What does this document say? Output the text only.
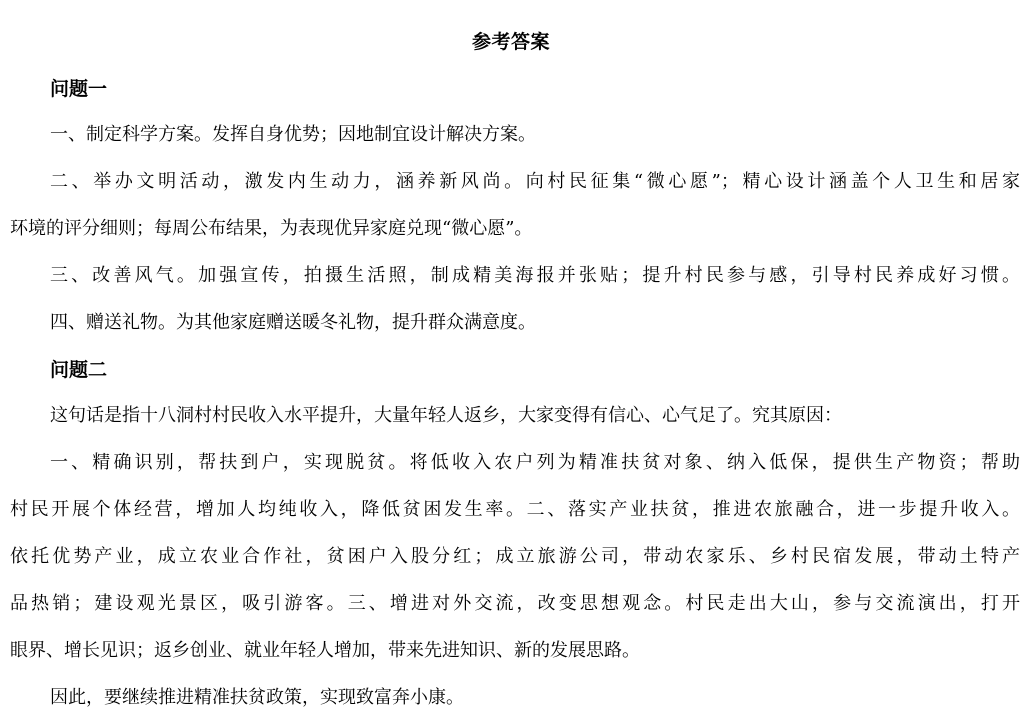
参考答案
问题一
一、制定科学方案。发挥自身优势；因地制宜设计解决方案。
二、举办文明活动，激发内生动力，涵养新风尚。向村民征集“微心愿”；精心设计涵盖个人卫生和居家
环境的评分细则；每周公布结果，为表现优异家庭兑现“微心愿”。
三、改善风气。加强宣传，拍摄生活照，制成精美海报并张贴；提升村民参与感，引导村民养成好习惯。
四、赠送礼物。为其他家庭赠送暖冬礼物，提升群众满意度。
问题二
这句话是指十八洞村村民收入水平提升，大量年轻人返乡，大家变得有信心、心气足了。究其原因：
一、精确识别，帮扶到户，实现脱贫。将低收入农户列为精准扶贫对象、纳入低保，提供生产物资；帮助
村民开展个体经营，增加人均纯收入，降低贫困发生率。二、落实产业扶贫，推进农旅融合，进一步提升收入。
依托优势产业，成立农业合作社，贫困户入股分红；成立旅游公司，带动农家乐、乡村民宿发展，带动土特产
品热销；建设观光景区，吸引游客。三、增进对外交流，改变思想观念。村民走出大山，参与交流演出，打开
眼界、增长见识；返乡创业、就业年轻人增加，带来先进知识、新的发展思路。
因此，要继续推进精准扶贫政策，实现致富奔小康。
